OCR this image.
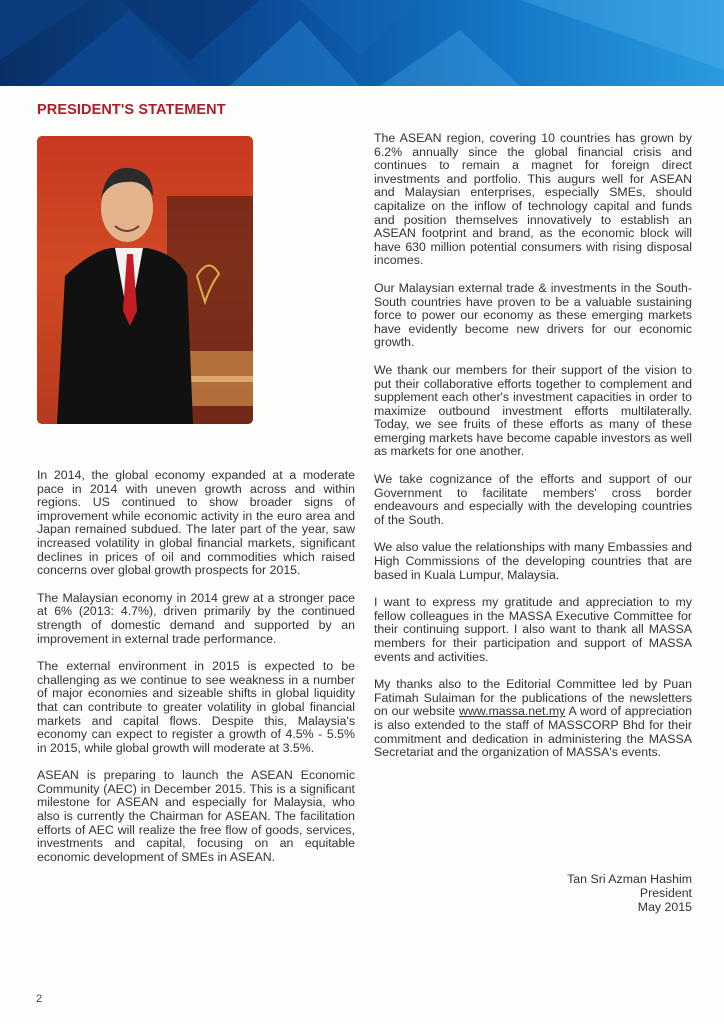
PRESIDENT'S STATEMENT

In 2014, the global economy expanded at a moderate pace in 2014 with uneven growth across and within regions. US continued to show broader signs of improvement while economic activity in the euro area and Japan remained subdued. The later part of the year, saw increased volatility in global financial markets, significant declines in prices of oil and commodities which raised concerns over global growth prospects for 2015.

The Malaysian economy in 2014 grew at a stronger pace at 6% (2013: 4.7%), driven primarily by the continued strength of domestic demand and supported by an improvement in external trade performance.

The external environment in 2015 is expected to be challenging as we continue to see weakness in a number of major economies and sizeable shifts in global liquidity that can contribute to greater volatility in global financial markets and capital flows. Despite this, Malaysia's economy can expect to register a growth of 4.5% - 5.5% in 2015, while global growth will moderate at 3.5%.

ASEAN is preparing to launch the ASEAN Economic Community (AEC) in December 2015. This is a significant milestone for ASEAN and especially for Malaysia, who also is currently the Chairman for ASEAN. The facilitation efforts of AEC will realize the free flow of goods, services, investments and capital, focusing on an equitable economic development of SMEs in ASEAN.

The ASEAN region, covering 10 countries has grown by 6.2% annually since the global financial crisis and continues to remain a magnet for foreign direct investments and portfolio. This augurs well for ASEAN and Malaysian enterprises, especially SMEs, should capitalize on the inflow of technology capital and funds and position themselves innovatively to establish an ASEAN footprint and brand, as the economic block will have 630 million potential consumers with rising disposal incomes.

Our Malaysian external trade & investments in the South-South countries have proven to be a valuable sustaining force to power our economy as these emerging markets have evidently become new drivers for our economic growth.

We thank our members for their support of the vision to put their collaborative efforts together to complement and supplement each other's investment capacities in order to maximize outbound investment efforts multilaterally. Today, we see fruits of these efforts as many of these emerging markets have become capable investors as well as markets for one another.

We take cognizance of the efforts and support of our Government to facilitate members' cross border endeavours and especially with the developing countries of the South.

We also value the relationships with many Embassies and High Commissions of the developing countries that are based in Kuala Lumpur, Malaysia.

I want to express my gratitude and appreciation to my fellow colleagues in the MASSA Executive Committee for their continuing support. I also want to thank all MASSA members for their participation and support of MASSA events and activities.

My thanks also to the Editorial Committee led by Puan Fatimah Sulaiman for the publications of the newsletters on our website www.massa.net.my A word of appreciation is also extended to the staff of MASSCORP Bhd for their commitment and dedication in administering the MASSA Secretariat and the organization of MASSA's events.

Tan Sri Azman Hashim
President
May 2015
2
